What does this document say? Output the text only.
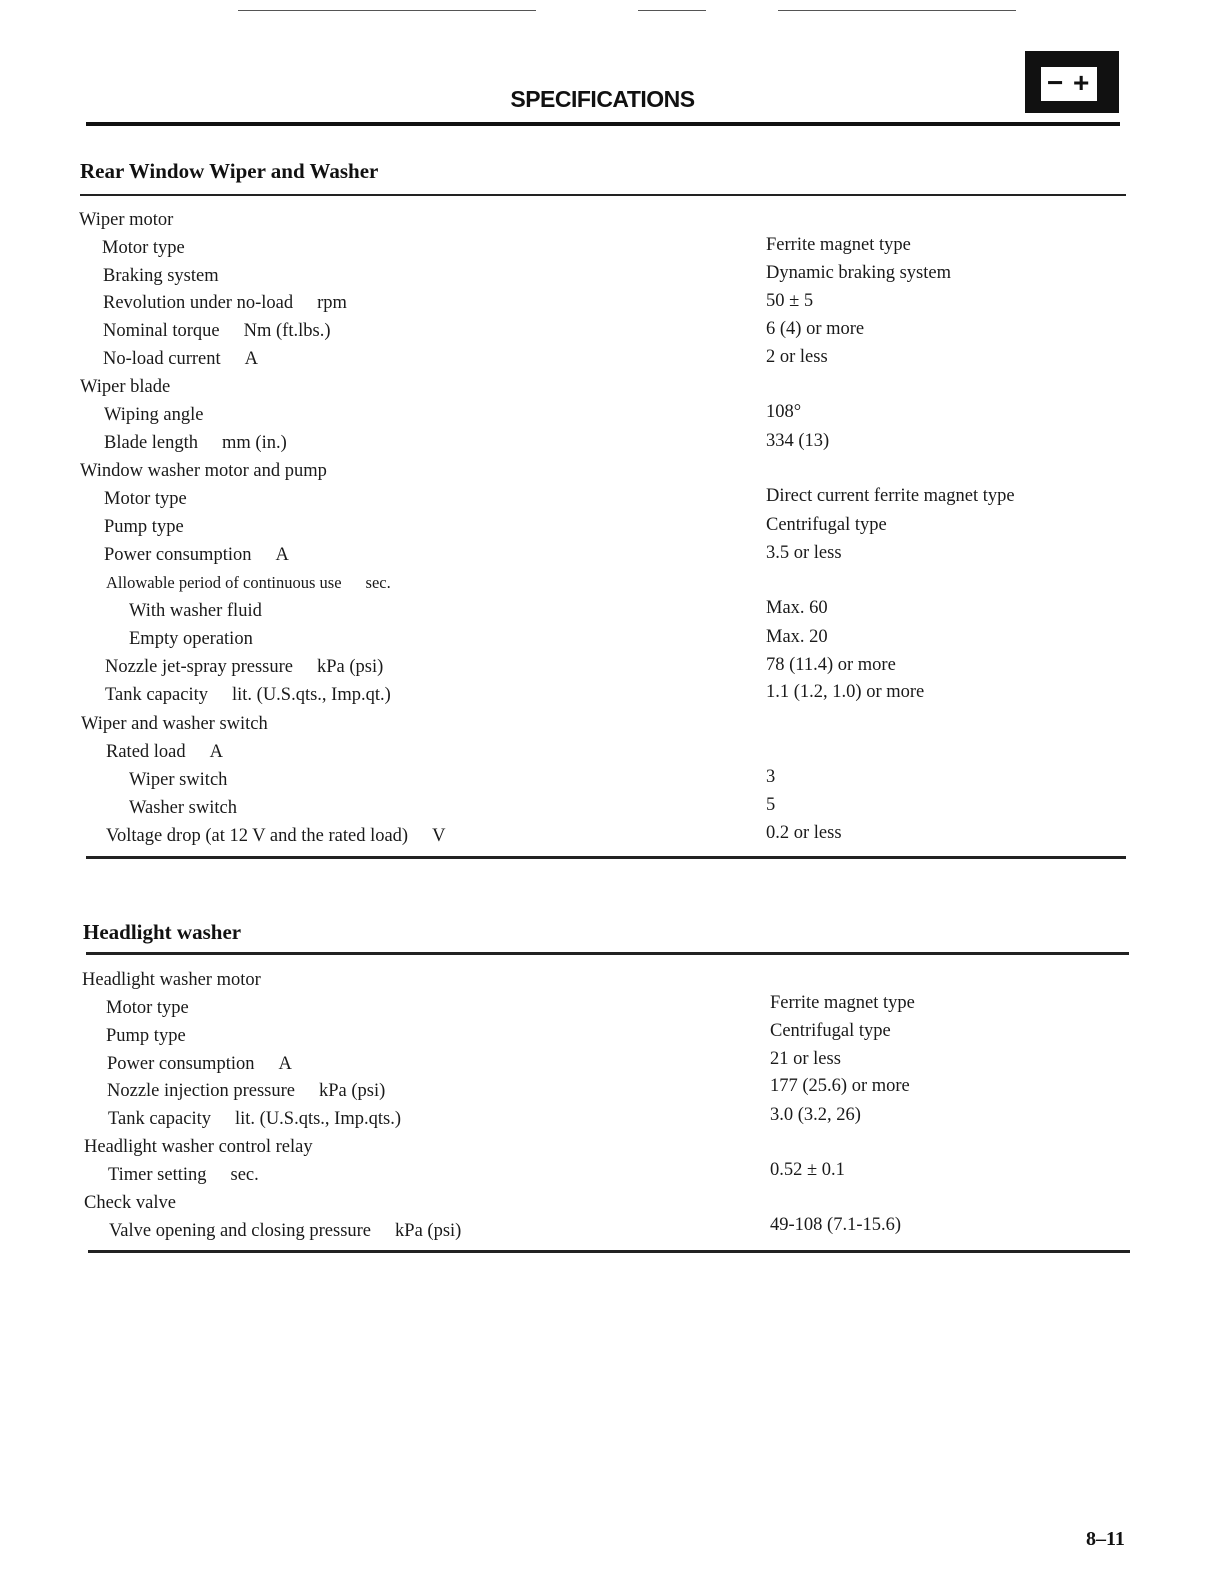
SPECIFICATIONS
− +
Rear Window Wiper and Washer
Wiper motor
Motor type	Ferrite magnet type
Braking system	Dynamic braking system
Revolution under no-load rpm	50 ± 5
Nominal torque Nm (ft.lbs.)	6 (4) or more
No-load current A	2 or less
Wiper blade
Wiping angle	108°
Blade length mm (in.)	334 (13)
Window washer motor and pump
Motor type	Direct current ferrite magnet type
Pump type	Centrifugal type
Power consumption A	3.5 or less
Allowable period of continuous use sec.
With washer fluid	Max. 60
Empty operation	Max. 20
Nozzle jet-spray pressure kPa (psi)	78 (11.4) or more
Tank capacity lit. (U.S.qts., Imp.qt.)	1.1 (1.2, 1.0) or more
Wiper and washer switch
Rated load A
Wiper switch	3
Washer switch	5
Voltage drop (at 12 V and the rated load) V	0.2 or less
Headlight washer
Headlight washer motor
Motor type	Ferrite magnet type
Pump type	Centrifugal type
Power consumption A	21 or less
Nozzle injection pressure kPa (psi)	177 (25.6) or more
Tank capacity lit. (U.S.qts., Imp.qts.)	3.0 (3.2, 26)
Headlight washer control relay
Timer setting sec.	0.52 ± 0.1
Check valve
Valve opening and closing pressure kPa (psi)	49-108 (7.1-15.6)
8–11
